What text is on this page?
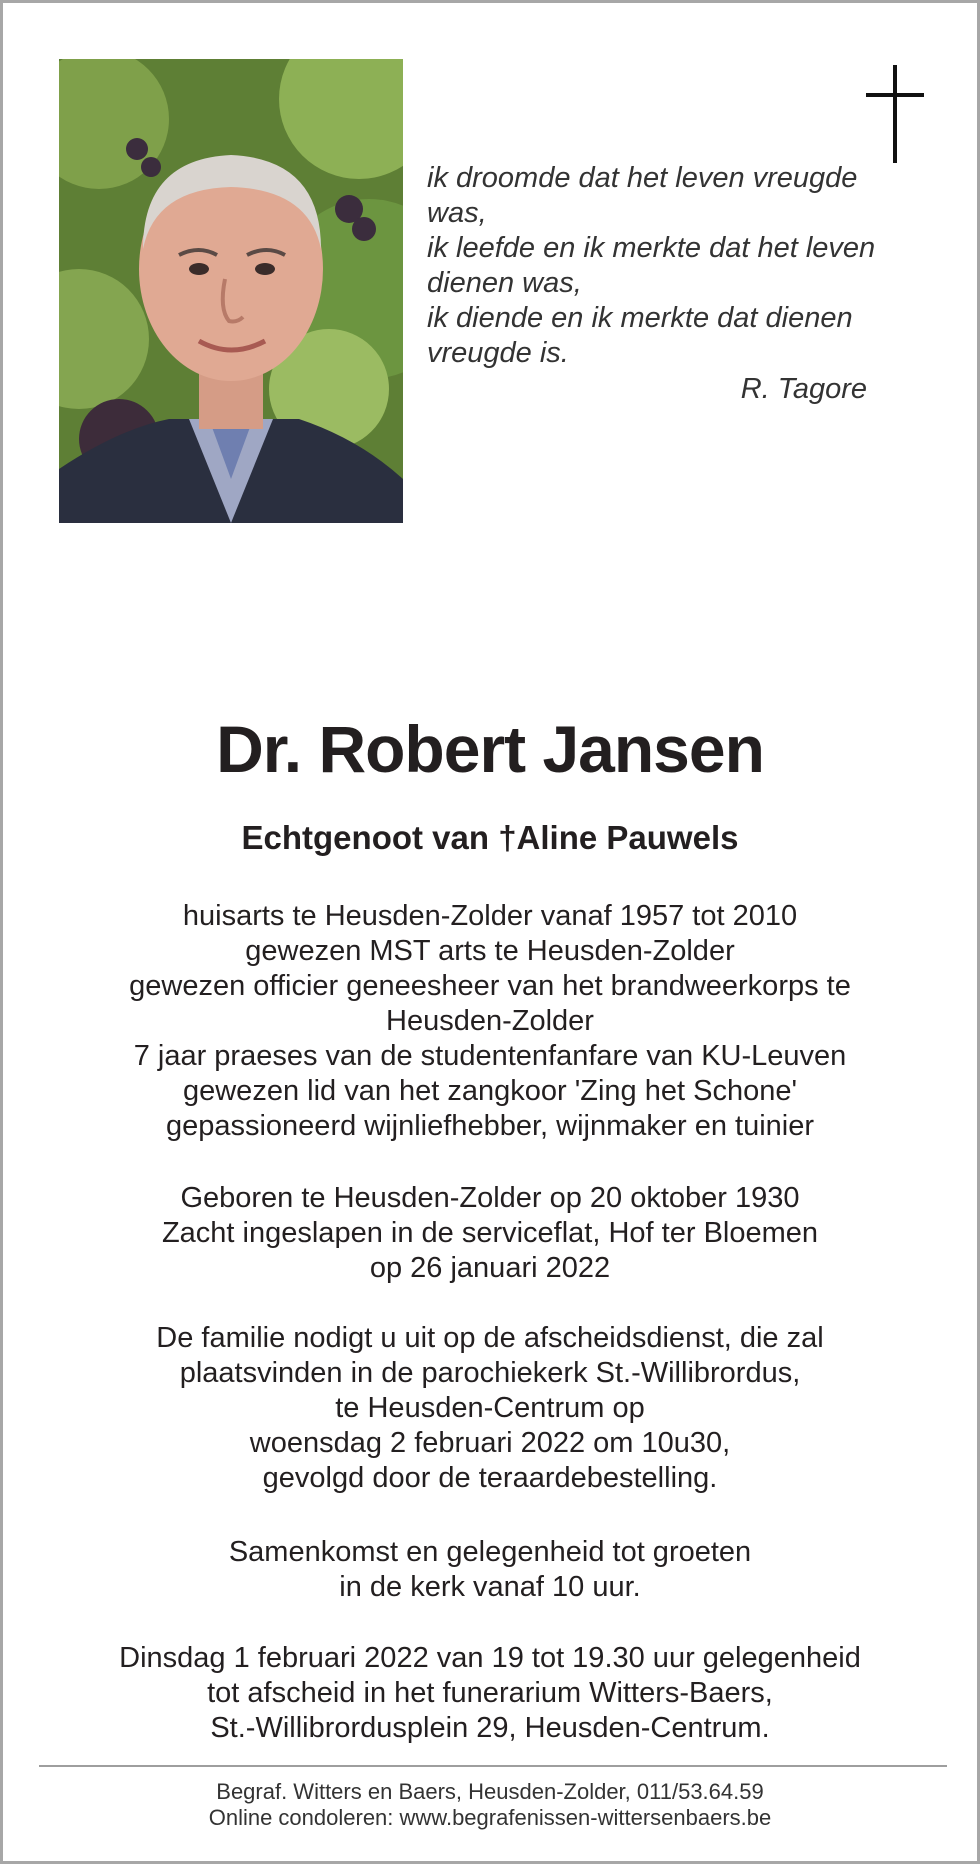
ik droomde dat het leven vreugde
was,
ik leefde en ik merkte dat het leven
dienen was,
ik diende en ik merkte dat dienen
vreugde is.
R. Tagore
Dr. Robert Jansen
Echtgenoot van †Aline Pauwels
huisarts te Heusden-Zolder vanaf 1957 tot 2010
gewezen MST arts te Heusden-Zolder
gewezen officier geneesheer van het brandweerkorps te
Heusden-Zolder
7 jaar praeses van de studentenfanfare van KU-Leuven
gewezen lid van het zangkoor 'Zing het Schone'
gepassioneerd wijnliefhebber, wijnmaker en tuinier
Geboren te Heusden-Zolder op 20 oktober 1930
Zacht ingeslapen in de serviceflat, Hof ter Bloemen
op 26 januari 2022
De familie nodigt u uit op de afscheidsdienst, die zal
plaatsvinden in de parochiekerk St.-Willibrordus,
te Heusden-Centrum op
woensdag 2 februari 2022 om 10u30,
gevolgd door de teraardebestelling.
Samenkomst en gelegenheid tot groeten
in de kerk vanaf 10 uur.
Dinsdag 1 februari 2022 van 19 tot 19.30 uur gelegenheid
tot afscheid in het funerarium Witters-Baers,
St.-Willibrordusplein 29, Heusden-Centrum.
Begraf. Witters en Baers, Heusden-Zolder, 011/53.64.59
Online condoleren: www.begrafenissen-wittersenbaers.be
